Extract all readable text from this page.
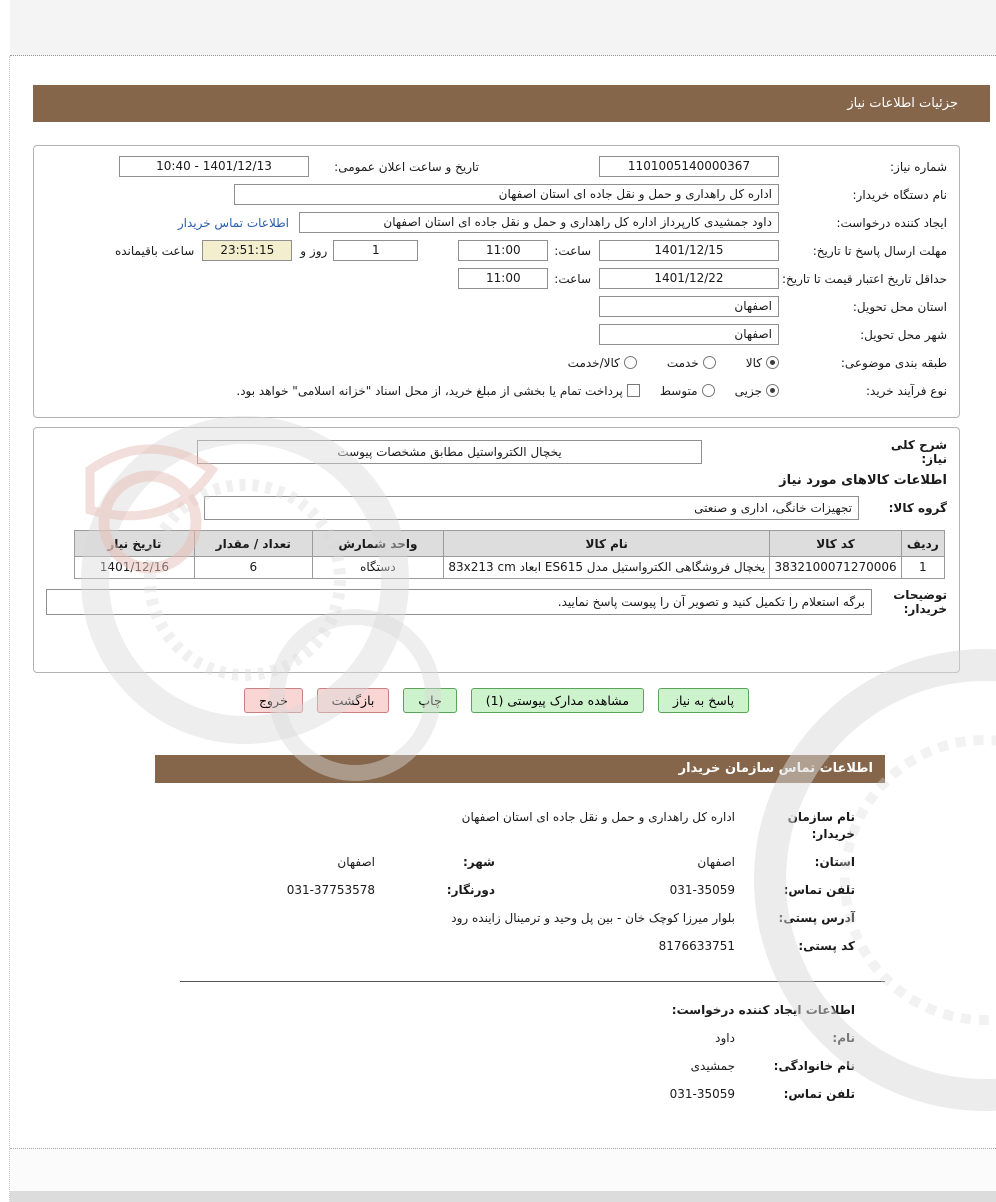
جزئیات اطلاعات نیاز
شماره نیاز:
1101005140000367
تاریخ و ساعت اعلان عمومی:
1401/12/13 - 10:40
نام دستگاه خریدار:
اداره کل راهداری و حمل و نقل جاده ای استان اصفهان
ایجاد کننده درخواست:
داود جمشیدی کارپرداز اداره کل راهداری و حمل و نقل جاده ای استان اصفهان
اطلاعات تماس خریدار
مهلت ارسال پاسخ تا تاریخ:
1401/12/15
ساعت:
11:00
1
روز و
23:51:15
ساعت باقیمانده
حداقل تاریخ اعتبار قیمت تا تاریخ:
1401/12/22
ساعت:
11:00
استان محل تحویل:
اصفهان
شهر محل تحویل:
اصفهان
طبقه بندی موضوعی:
کالا
خدمت
کالا/خدمت
نوع فرآیند خرید:
جزیی
متوسط
پرداخت تمام یا بخشی از مبلغ خرید، از محل اسناد "خزانه اسلامی" خواهد بود.
شرح کلی نیاز:
یخچال الکترواستیل مطابق مشخصات پیوست
اطلاعات کالاهای مورد نیاز
گروه کالا:
تجهیزات خانگی، اداری و صنعتی
ردیف	کد کالا	نام کالا	واحد شمارش	تعداد / مقدار	تاریخ نیاز
1	3832100071270006	یخچال فروشگاهی الکترواستیل مدل ES615 ابعاد 83x213 cm	دستگاه	6	1401/12/16
توضیحات خریدار:
برگه استعلام را تکمیل کنید و تصویر آن را پیوست پاسخ نمایید.
پاسخ به نیاز
مشاهده مدارک پیوستی (1)
چاپ
بازگشت
خروج
اطلاعات تماس سازمان خریدار
نام سازمان خریدار:
اداره کل راهداری و حمل و نقل جاده ای استان اصفهان
استان:
اصفهان
شهر:
اصفهان
تلفن تماس:
031-35059
دورنگار:
031-37753578
آدرس پستی:
بلوار میرزا کوچک خان - بین پل وحید و ترمینال زاینده رود
کد پستی:
8176633751
اطلاعات ایجاد کننده درخواست:
نام:
داود
نام خانوادگی:
جمشیدی
تلفن تماس:
031-35059
